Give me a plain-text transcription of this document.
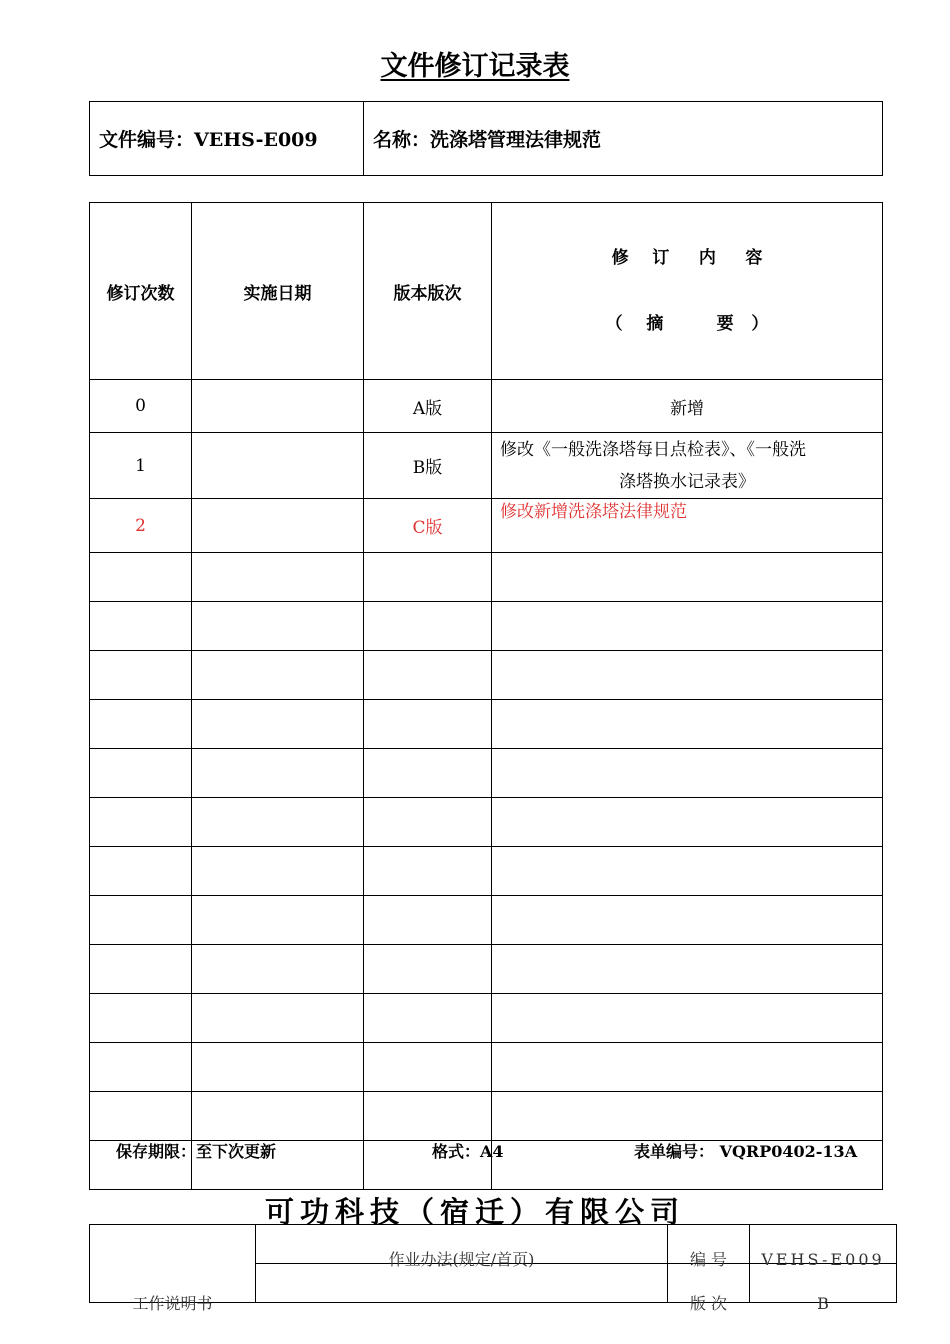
文件修订记录表
文件编号：VEHS-E009	名称：洗涤塔管理法律规范
修订次数	实施日期	版本版次	修    订     内     容

（    摘         要   ）

0		A版	新增
1		B版	修改《一般洗涤塔每日点检表》、《一般洗
涤塔换水记录表》

2		C版	修改新增洗涤塔法律规范

保存期限：至下次更新	格式：A4	表单编号： VQRP0402-13A
可功科技（宿迁）有限公司
工作说明书	作业办法(规定/首页)	编 号	VEHS-E009

		版 次	B
